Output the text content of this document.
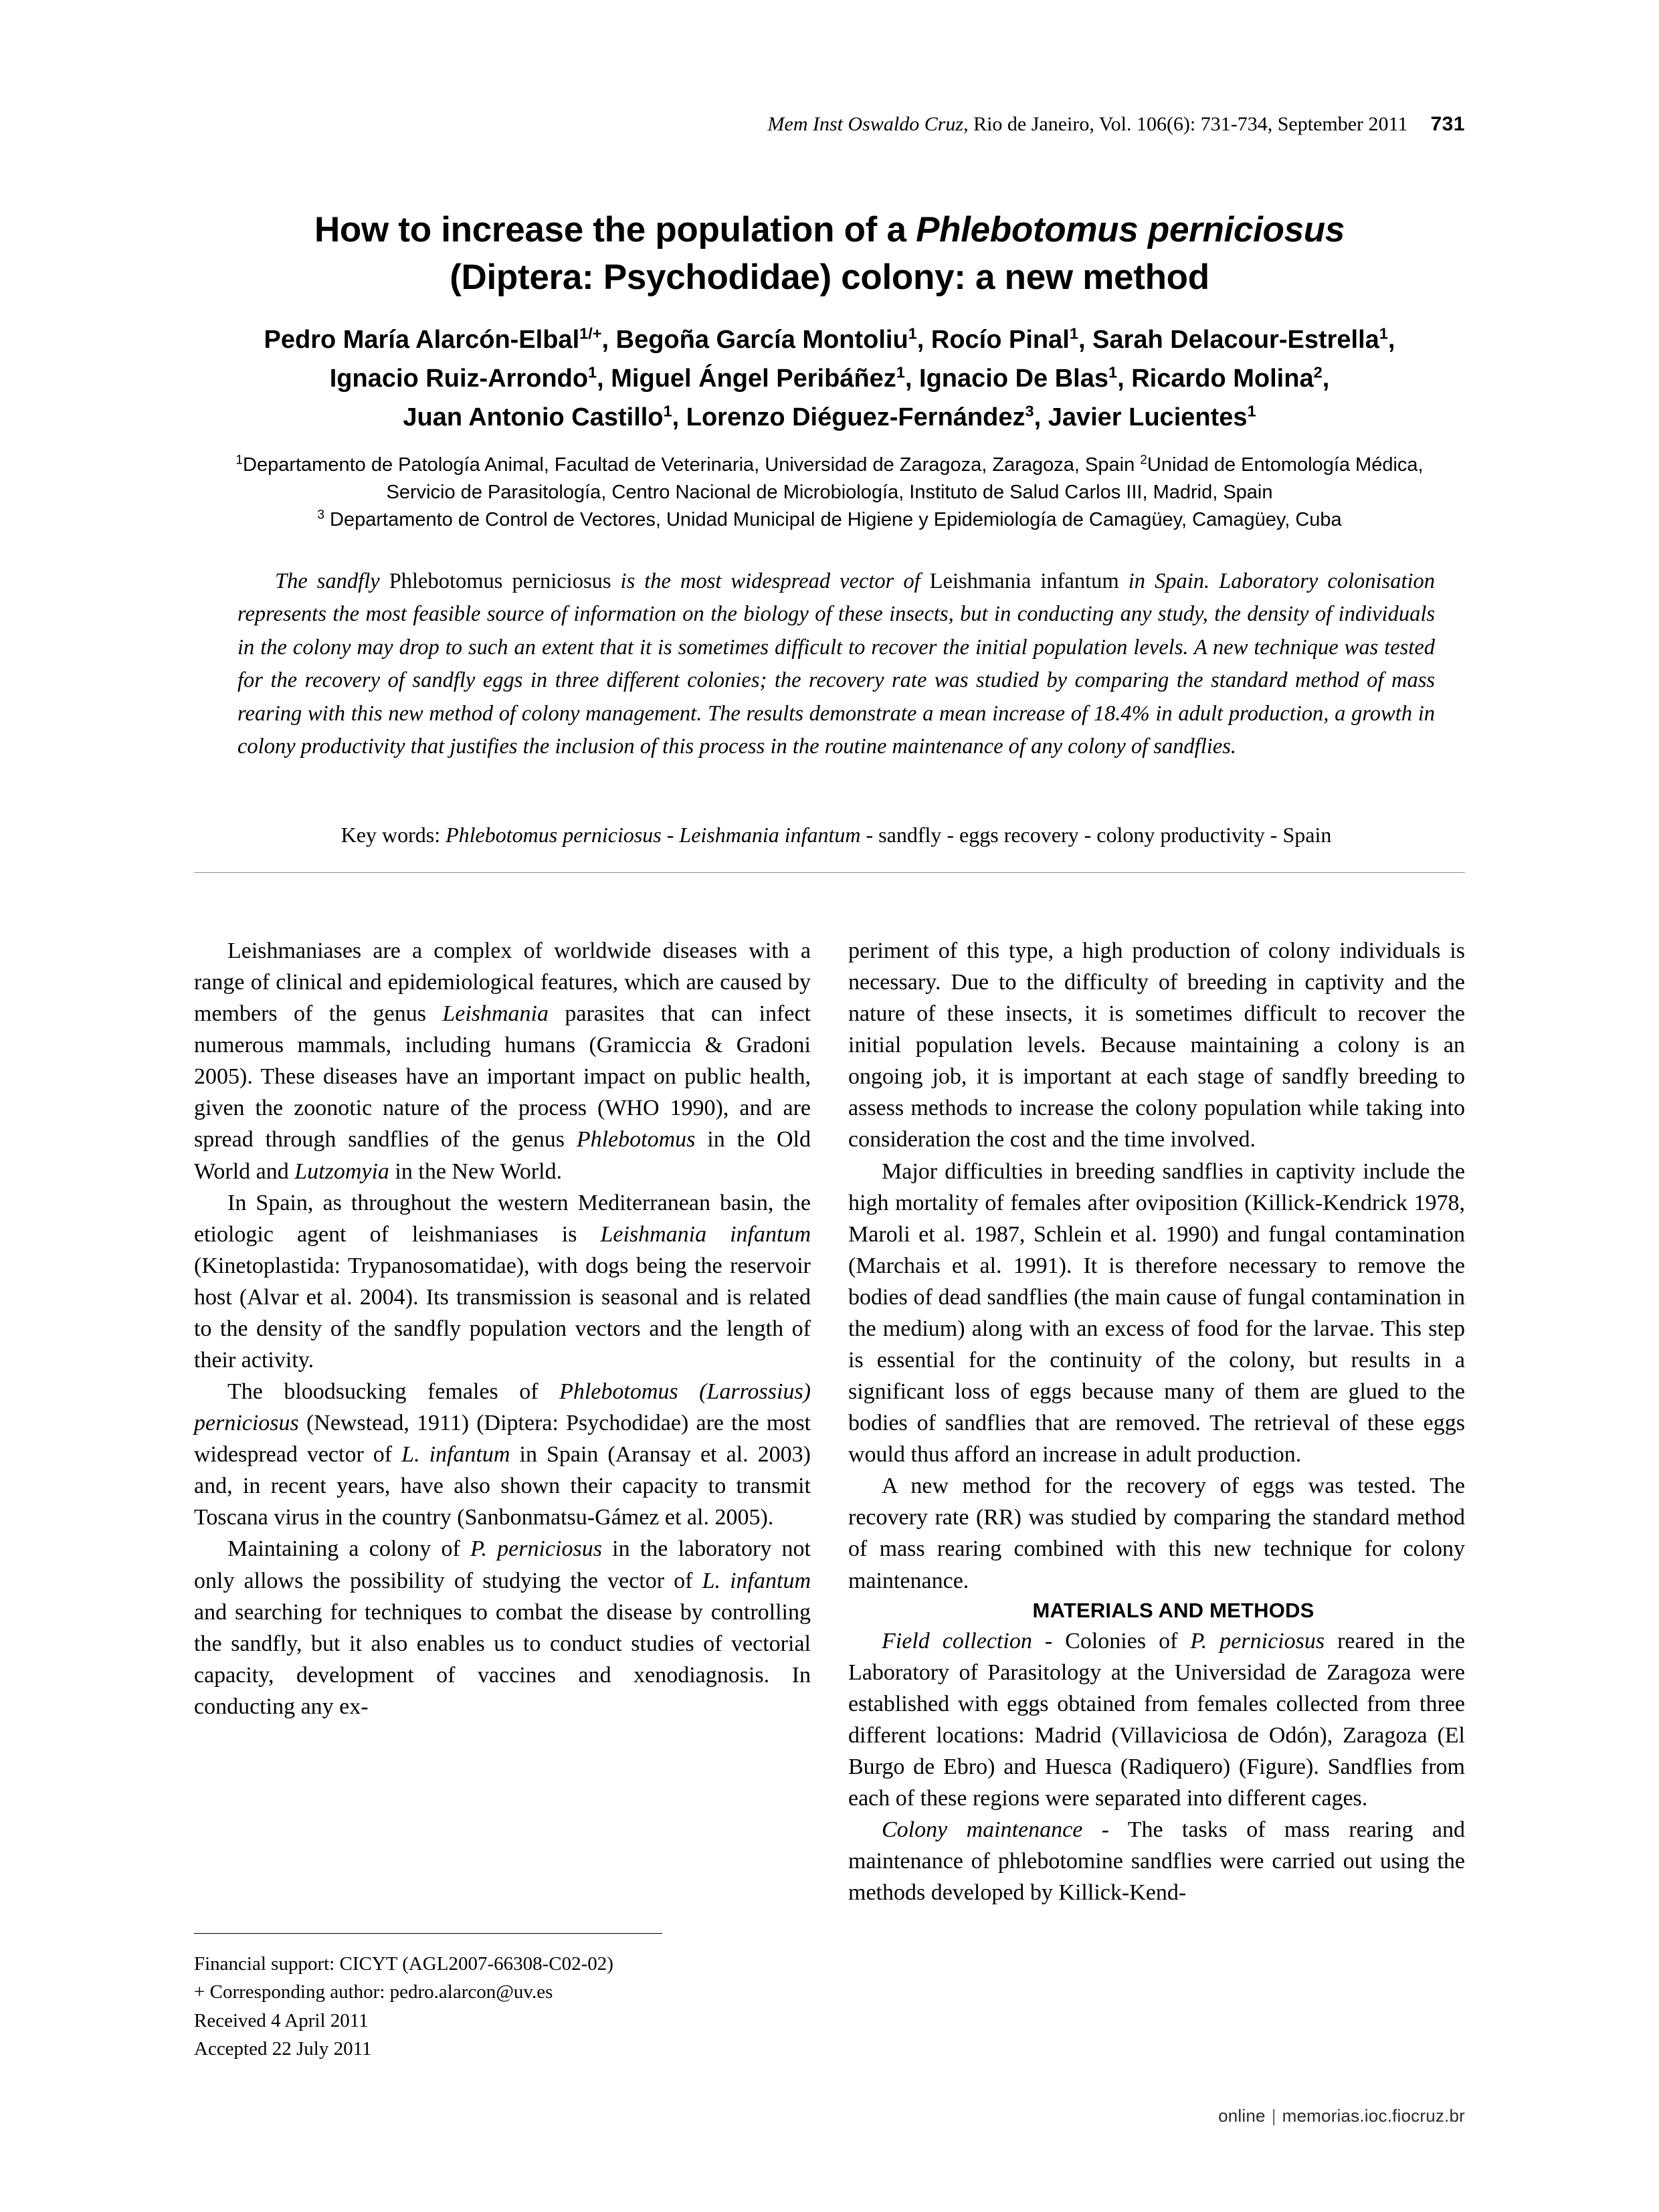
Mem Inst Oswaldo Cruz, Rio de Janeiro, Vol. 106(6): 731-734, September 2011 731
How to increase the population of a Phlebotomus perniciosus
(Diptera: Psychodidae) colony: a new method
Pedro María Alarcón-Elbal$^{1/+}$, Begoña García Montoliu$^1$, Rocío Pinal$^1$, Sarah Delacour-Estrella$^1$,
Ignacio Ruiz-Arrondo$^1$, Miguel Ángel Peribáñez$^1$, Ignacio De Blas$^1$, Ricardo Molina$^2$,
Juan Antonio Castillo$^1$, Lorenzo Diéguez-Fernández$^3$, Javier Lucientes$^1$
$^1$Departamento de Patología Animal, Facultad de Veterinaria, Universidad de Zaragoza, Zaragoza, Spain $^2$Unidad de Entomología Médica,
Servicio de Parasitología, Centro Nacional de Microbiología, Instituto de Salud Carlos III, Madrid, Spain
$^3$ Departamento de Control de Vectores, Unidad Municipal de Higiene y Epidemiología de Camagüey, Camagüey, Cuba
The sandfly Phlebotomus perniciosus is the most widespread vector of Leishmania infantum in Spain. Laboratory colonisation represents the most feasible source of information on the biology of these insects, but in conducting any study, the density of individuals in the colony may drop to such an extent that it is sometimes difficult to recover the initial population levels. A new technique was tested for the recovery of sandfly eggs in three different colonies; the recovery rate was studied by comparing the standard method of mass rearing with this new method of colony management. The results demonstrate a mean increase of 18.4% in adult production, a growth in colony productivity that justifies the inclusion of this process in the routine maintenance of any colony of sandflies.
Key words: Phlebotomus perniciosus - Leishmania infantum - sandfly - eggs recovery - colony productivity - Spain

Leishmaniases are a complex of worldwide diseases with a range of clinical and epidemiological features, which are caused by members of the genus Leishmania parasites that can infect numerous mammals, including humans (Gramiccia & Gradoni 2005). These diseases have an important impact on public health, given the zoonotic nature of the process (WHO 1990), and are spread through sandflies of the genus Phlebotomus in the Old World and Lutzomyia in the New World.

In Spain, as throughout the western Mediterranean basin, the etiologic agent of leishmaniases is Leishmania infantum (Kinetoplastida: Trypanosomatidae), with dogs being the reservoir host (Alvar et al. 2004). Its transmission is seasonal and is related to the density of the sandfly population vectors and the length of their activity.

The bloodsucking females of Phlebotomus (Larrossius) perniciosus (Newstead, 1911) (Diptera: Psychodidae) are the most widespread vector of L. infantum in Spain (Aransay et al. 2003) and, in recent years, have also shown their capacity to transmit Toscana virus in the country (Sanbonmatsu-Gámez et al. 2005).

Maintaining a colony of P. perniciosus in the laboratory not only allows the possibility of studying the vector of L. infantum and searching for techniques to combat the disease by controlling the sandfly, but it also enables us to conduct studies of vectorial capacity, development of vaccines and xenodiagnosis. In conducting any ex-

periment of this type, a high production of colony individuals is necessary. Due to the difficulty of breeding in captivity and the nature of these insects, it is sometimes difficult to recover the initial population levels. Because maintaining a colony is an ongoing job, it is important at each stage of sandfly breeding to assess methods to increase the colony population while taking into consideration the cost and the time involved.

Major difficulties in breeding sandflies in captivity include the high mortality of females after oviposition (Killick-Kendrick 1978, Maroli et al. 1987, Schlein et al. 1990) and fungal contamination (Marchais et al. 1991). It is therefore necessary to remove the bodies of dead sandflies (the main cause of fungal contamination in the medium) along with an excess of food for the larvae. This step is essential for the continuity of the colony, but results in a significant loss of eggs because many of them are glued to the bodies of sandflies that are removed. The retrieval of these eggs would thus afford an increase in adult production.

A new method for the recovery of eggs was tested. The recovery rate (RR) was studied by comparing the standard method of mass rearing combined with this new technique for colony maintenance.

MATERIALS AND METHODS

Field collection - Colonies of P. perniciosus reared in the Laboratory of Parasitology at the Universidad de Zaragoza were established with eggs obtained from females collected from three different locations: Madrid (Villaviciosa de Odón), Zaragoza (El Burgo de Ebro) and Huesca (Radiquero) (Figure). Sandflies from each of these regions were separated into different cages.

Colony maintenance - The tasks of mass rearing and maintenance of phlebotomine sandflies were carried out using the methods developed by Killick-Kend-

Financial support: CICYT (AGL2007-66308-C02-02)
+ Corresponding author: pedro.alarcon@uv.es
Received 4 April 2011
Accepted 22 July 2011
online | memorias.ioc.fiocruz.br
